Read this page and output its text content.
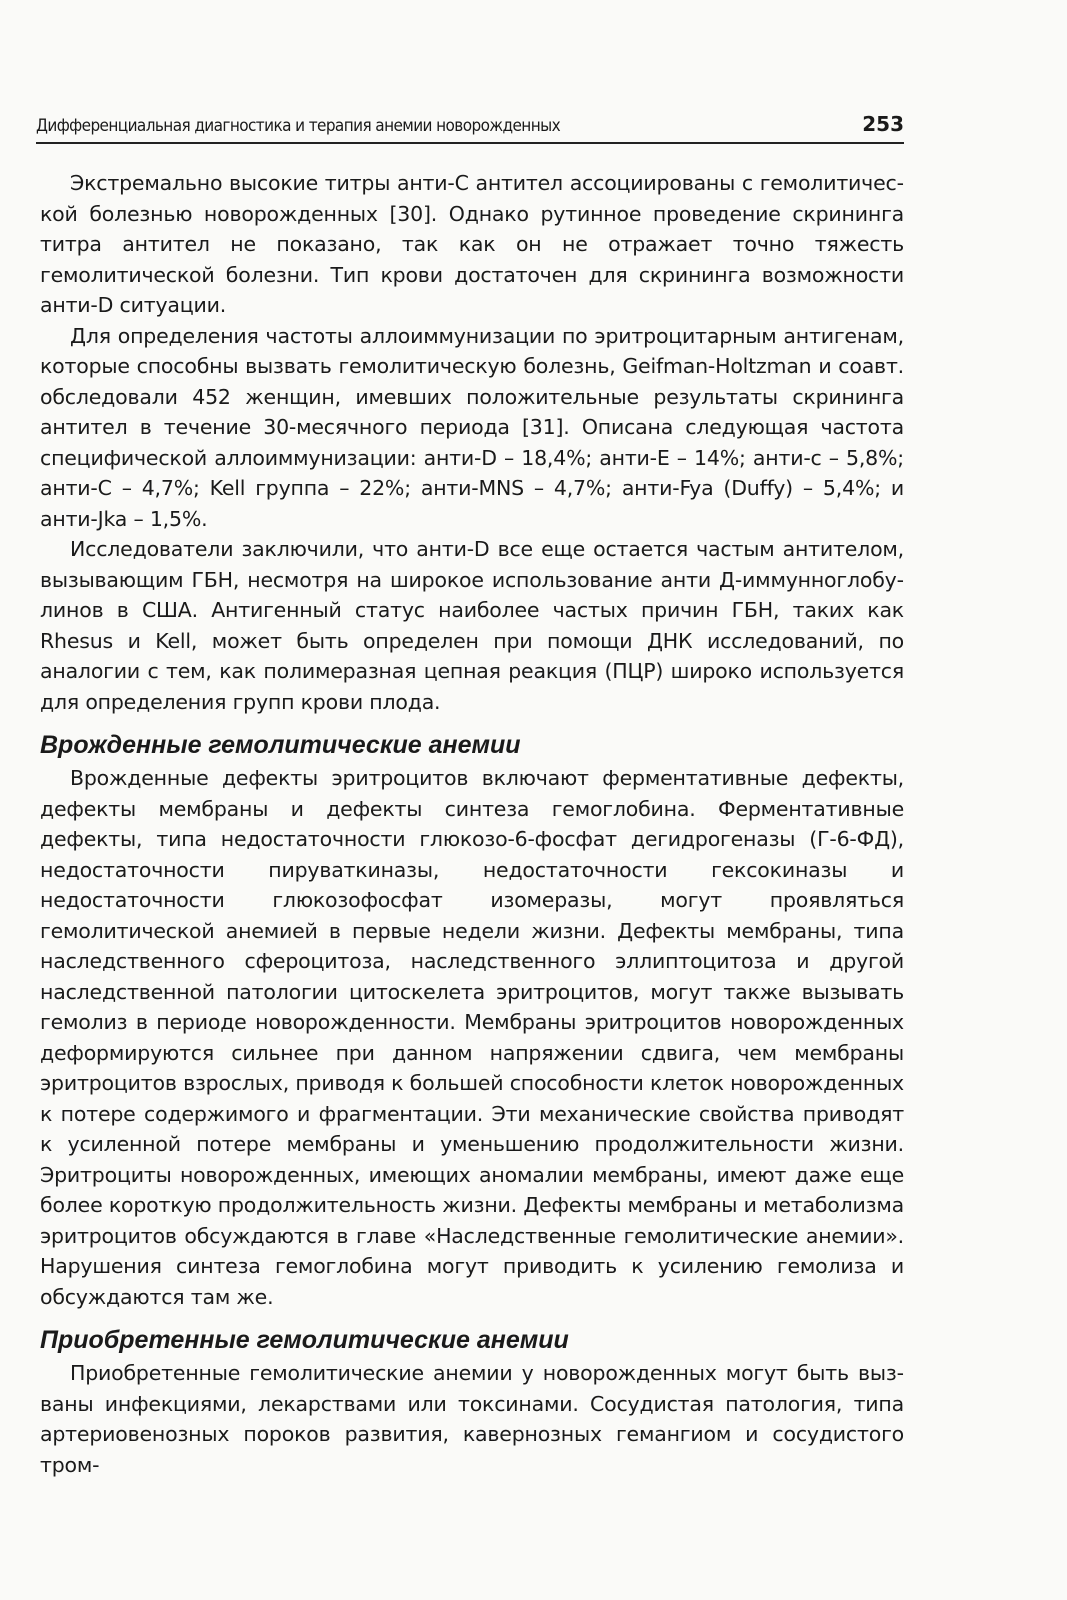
Дифференциальная диагностика и терапия анемии новорожденных	253

Экстремально высокие титры анти-C антител ассоциированы с гемолитической болезнью новорожденных [30]. Однако рутинное проведение скрининга титра антител не показано, так как он не отражает точно тяжесть гемолитической болезни. Тип крови достаточен для скрининга возможности анти-D ситуации.

Для определения частоты аллоиммунизации по эритроцитарным антигенам, которые способны вызвать гемолитическую болезнь, Geifman-Holtzman и соавт. обследовали 452 женщин, имевших положительные результаты скрининга антител в течение 30-месячного периода [31]. Описана следующая частота специфической аллоиммунизации: анти-D – 18,4%; анти-E – 14%; анти-c – 5,8%; анти-C – 4,7%; Kell группа – 22%; анти-MNS – 4,7%; анти-Fya (Duffy) – 5,4%; и анти-Jka – 1,5%.

Исследователи заключили, что анти-D все еще остается частым антителом, вызывающим ГБН, несмотря на широкое использование анти Д-иммунноглобулинов в США. Антигенный статус наиболее частых причин ГБН, таких как Rhesus и Kell, может быть определен при помощи ДНК исследований, по аналогии с тем, как полимеразная цепная реакция (ПЦР) широко используется для определения групп крови плода.

Врожденные гемолитические анемии

Врожденные дефекты эритроцитов включают ферментативные дефекты, дефекты мембраны и дефекты синтеза гемоглобина. Ферментативные дефекты, типа недостаточности глюкозо-6-фосфат дегидрогеназы (Г-6-ФД), недостаточности пируваткиназы, недостаточности гексокиназы и недостаточности глюкозофосфат изомеразы, могут проявляться гемолитической анемией в первые недели жизни. Дефекты мембраны, типа наследственного сфероцитоза, наследственного эллиптоцитоза и другой наследственной патологии цитоскелета эритроцитов, могут также вызывать гемолиз в периоде новорожденности. Мембраны эритроцитов новорожденных деформируются сильнее при данном напряжении сдвига, чем мембраны эритроцитов взрослых, приводя к большей способности клеток новорожденных к потере содержимого и фрагментации. Эти механические свойства приводят к усиленной потере мембраны и уменьшению продолжительности жизни. Эритроциты новорожденных, имеющих аномалии мембраны, имеют даже еще более короткую продолжительность жизни. Дефекты мембраны и метаболизма эритроцитов обсуждаются в главе «Наследственные гемолитические анемии». Нарушения синтеза гемоглобина могут приводить к усилению гемолиза и обсуждаются там же.

Приобретенные гемолитические анемии

Приобретенные гемолитические анемии у новорожденных могут быть вызваны инфекциями, лекарствами или токсинами. Сосудистая патология, типа артериовенозных пороков развития, кавернозных гемангиом и сосудистого тром-
